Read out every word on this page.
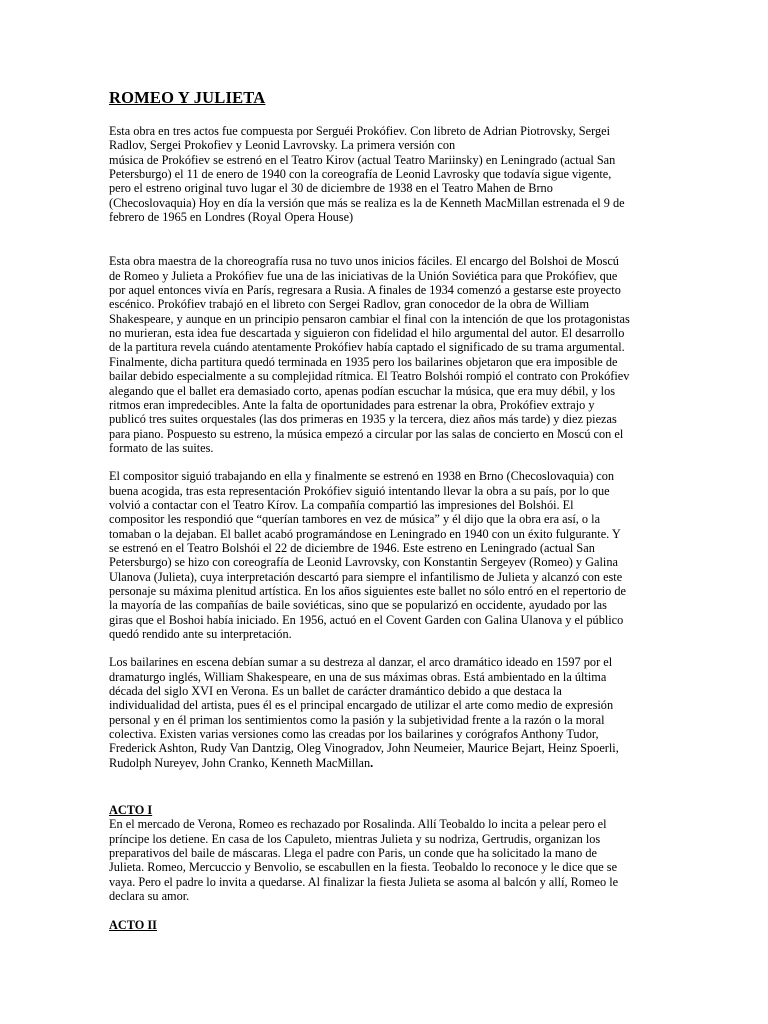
ROMEO Y JULIETA

Esta obra en tres actos fue compuesta por Serguéi Prokófiev. Con libreto de Adrian Piotrovsky, Sergei
Radlov, Sergei Prokofiev y Leonid Lavrovsky. La primera versión con
música de Prokófiev se estrenó en el Teatro Kirov (actual Teatro Mariinsky) en Leningrado (actual San
Petersburgo) el 11 de enero de 1940 con la coreografía de Leonid Lavrosky que todavía sigue vigente,
pero el estreno original tuvo lugar el 30 de diciembre de 1938 en el Teatro Mahen de Brno
(Checoslovaquia) Hoy en día la versión que más se realiza es la de Kenneth MacMillan estrenada el 9 de
febrero de 1965 en Londres (Royal Opera House)

Esta obra maestra de la choreografía rusa no tuvo unos inicios fáciles. El encargo del Bolshoi de Moscú
de Romeo y Julieta a Prokófiev fue una de las iniciativas de la Unión Soviética para que Prokófiev, que
por aquel entonces vivía en París, regresara a Rusia. A finales de 1934 comenzó a gestarse este proyecto
escénico. Prokófiev trabajó en el libreto con Sergei Radlov, gran conocedor de la obra de William
Shakespeare, y aunque en un principio pensaron cambiar el final con la intención de que los protagonistas
no murieran, esta idea fue descartada y siguieron con fidelidad el hilo argumental del autor. El desarrollo
de la partitura revela cuándo atentamente Prokófiev había captado el significado de su trama argumental.
Finalmente, dicha partitura quedó terminada en 1935 pero los bailarines objetaron que era imposible de
bailar debido especialmente a su complejidad rítmica. El Teatro Bolshói rompió el contrato con Prokófiev
alegando que el ballet era demasiado corto, apenas podían escuchar la música, que era muy débil, y los
ritmos eran impredecibles. Ante la falta de oportunidades para estrenar la obra, Prokófiev extrajo y
publicó tres suites orquestales (las dos primeras en 1935 y la tercera, diez años más tarde) y diez piezas
para piano. Pospuesto su estreno, la música empezó a circular por las salas de concierto en Moscú con el
formato de las suites.

El compositor siguió trabajando en ella y finalmente se estrenó en 1938 en Brno (Checoslovaquia) con
buena acogida, tras esta representación Prokófiev siguió intentando llevar la obra a su país, por lo que
volvió a contactar con el Teatro Kírov. La compañía compartió las impresiones del Bolshói. El
compositor les respondió que “querían tambores en vez de música” y él dijo que la obra era así, o la
tomaban o la dejaban. El ballet acabó programándose en Leningrado en 1940 con un éxito fulgurante. Y
se estrenó en el Teatro Bolshói el 22 de diciembre de 1946. Este estreno en Leningrado (actual San
Petersburgo) se hizo con coreografía de Leonid Lavrovsky, con Konstantin Sergeyev (Romeo) y Galina
Ulanova (Julieta), cuya interpretación descartó para siempre el infantilismo de Julieta y alcanzó con este
personaje su máxima plenitud artística. En los años siguientes este ballet no sólo entró en el repertorio de
la mayoría de las compañías de baile soviéticas, sino que se popularizó en occidente, ayudado por las
giras que el Boshoi había iniciado. En 1956, actuó en el Covent Garden con Galina Ulanova y el público
quedó rendido ante su interpretación.

Los bailarines en escena debían sumar a su destreza al danzar, el arco dramático ideado en 1597 por el
dramaturgo inglés, William Shakespeare, en una de sus máximas obras. Está ambientado en la última
década del siglo XVI en Verona. Es un ballet de carácter dramántico debido a que destaca la
individualidad del artista, pues él es el principal encargado de utilizar el arte como medio de expresión
personal y en él priman los sentimientos como la pasión y la subjetividad frente a la razón o la moral
colectiva. Existen varias versiones como las creadas por los bailarines y corógrafos Anthony Tudor,
Frederick Ashton, Rudy Van Dantzig, Oleg Vinogradov, John Neumeier, Maurice Bejart, Heinz Spoerli,
Rudolph Nureyev, John Cranko, Kenneth MacMillan.

ACTO I

En el mercado de Verona, Romeo es rechazado por Rosalinda. Allí Teobaldo lo incita a pelear pero el
príncipe los detiene. En casa de los Capuleto, mientras Julieta y su nodriza, Gertrudis, organizan los
preparativos del baile de máscaras. Llega el padre con Paris, un conde que ha solicitado la mano de
Julieta. Romeo, Mercuccio y Benvolio, se escabullen en la fiesta. Teobaldo lo reconoce y le dice que se
vaya. Pero el padre lo invita a quedarse. Al finalizar la fiesta Julieta se asoma al balcón y allí, Romeo le
declara su amor.

ACTO II
